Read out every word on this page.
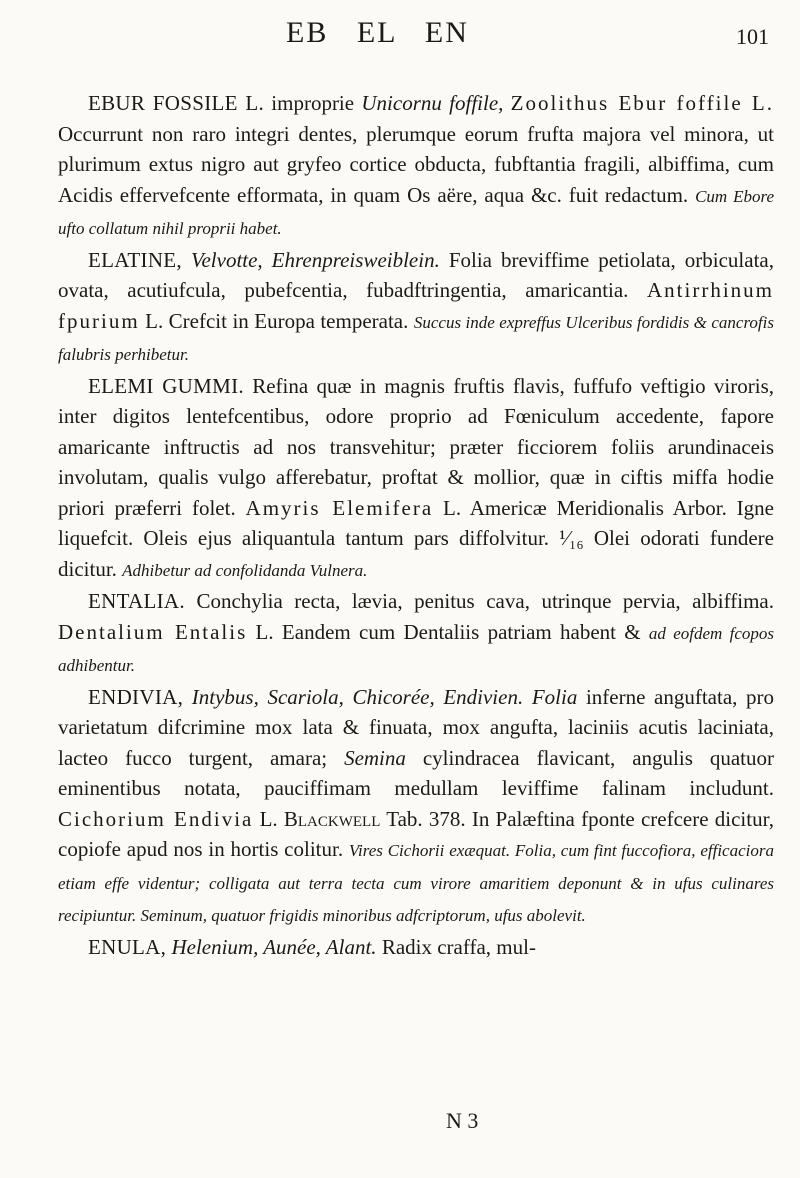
EB   EL   EN	101

EBUR FOSSILE L. improprie Unicornu foffile, Zoolithus Ebur foffile L. Occurrunt non raro integri dentes, plerumque eorum frufta majora vel minora, ut plurimum extus nigro aut gryfeo cortice obducta, fubftantia fragili, albiffima, cum Acidis effervefcente efformata, in quam Os aëre, aqua &c. fuit redactum. Cum Ebore ufto collatum nihil proprii habet.

ELATINE, Velvotte, Ehrenpreisweiblein. Folia breviffime petiolata, orbiculata, ovata, acutiufcula, pubefcentia, fubadftringentia, amaricantia. Antirrhinum fpurium L. Crefcit in Europa temperata. Succus inde expreffus Ulceribus fordidis & cancrofis falubris perhibetur.

ELEMI GUMMI. Refina quæ in magnis fruftis flavis, fuffufo veftigio viroris, inter digitos lentefcentibus, odore proprio ad Fœniculum accedente, fapore amaricante inftructis ad nos transvehitur; præter ficciorem foliis arundinaceis involutam, qualis vulgo afferebatur, proftat & mollior, quæ in ciftis miffa hodie priori præferri folet. Amyris Elemifera L. Americæ Meridionalis Arbor. Igne liquefcit. Oleis ejus aliquantula tantum pars diffolvitur. ¹⁄₁₆ Olei odorati fundere dicitur. Adhibetur ad confolidanda Vulnera.

ENTALIA. Conchylia recta, lævia, penitus cava, utrinque pervia, albiffima. Dentalium Entalis L. Eandem cum Dentaliis patriam habent & ad eofdem fcopos adhibentur.

ENDIVIA, Intybus, Scariola, Chicorée, Endivien. Folia inferne anguftata, pro varietatum difcrimine mox lata & finuata, mox angufta, laciniis acutis laciniata, lacteo fucco turgent, amara; Semina cylindracea flavicant, angulis quatuor eminentibus notata, pauciffimam medullam leviffime falinam includunt. Cichorium Endivia L. Blackwell Tab. 378. In Palæftina fponte crefcere dicitur, copiofe apud nos in hortis colitur. Vires Cichorii exæquat. Folia, cum fint fuccofiora, efficaciora etiam effe videntur; colligata aut terra tecta cum virore amaritiem deponunt & in ufus culinares recipiuntur. Seminum, quatuor frigidis minoribus adfcriptorum, ufus abolevit.

ENULA, Helenium, Aunée, Alant. Radix craffa, mul-

N 3
